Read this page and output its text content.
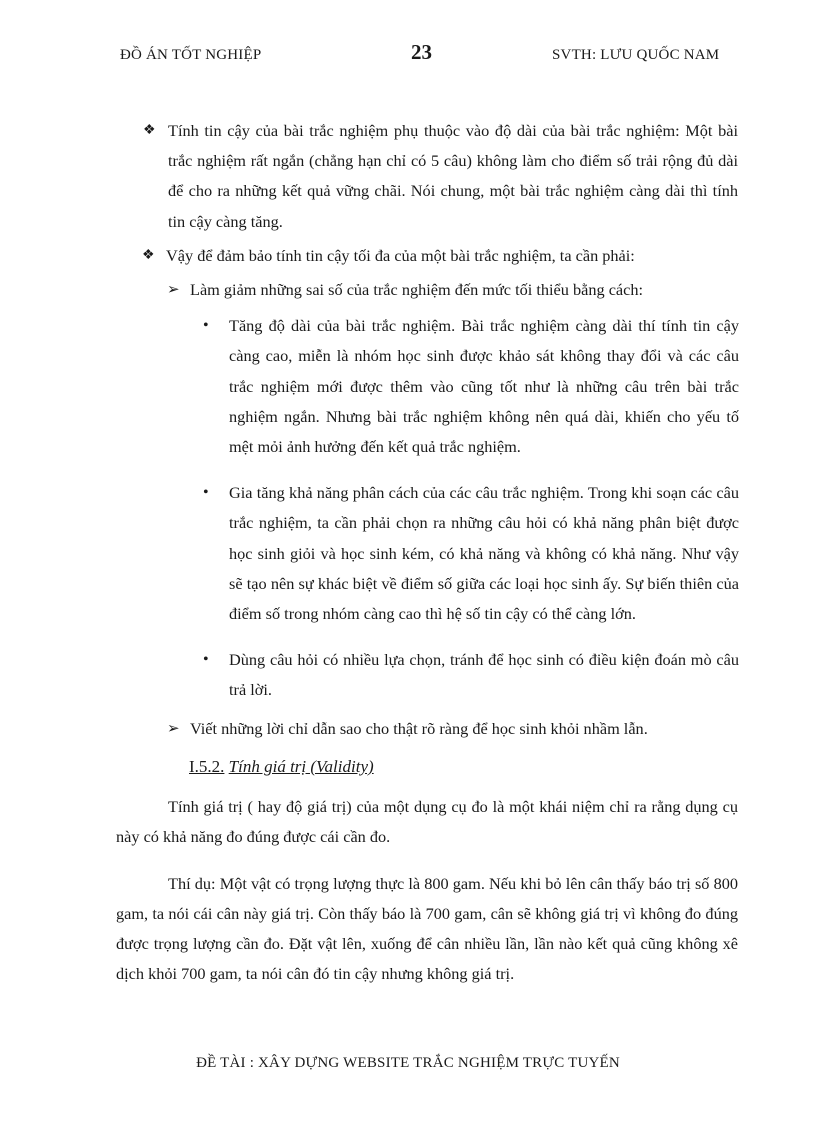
ĐỒ ÁN TỐT NGHIỆP	23	SVTH: LƯU QUỐC NAM
❖ Tính tin cậy của bài trắc nghiệm phụ thuộc vào độ dài của bài trắc nghiệm: Một bài trắc nghiệm rất ngắn (chẳng hạn chỉ có 5 câu) không làm cho điểm số trải rộng đủ dài để cho ra những kết quả vững chãi. Nói chung, một bài trắc nghiệm càng dài thì tính tin cậy càng tăng.
❖ Vậy để đảm bảo tính tin cậy tối đa của một bài trắc nghiệm, ta cần phải:
➢ Làm giảm những sai số của trắc nghiệm đến mức tối thiểu bằng cách:
• Tăng độ dài của bài trắc nghiệm. Bài trắc nghiệm càng dài thí tính tin cậy càng cao, miễn là nhóm học sinh được khảo sát không thay đổi và các câu trắc nghiệm mới được thêm vào cũng tốt như là những câu trên bài trắc nghiệm ngắn. Nhưng bài trắc nghiệm không nên quá dài, khiến cho yếu tố mệt mỏi ảnh hưởng đến kết quả trắc nghiệm.
• Gia tăng khả năng phân cách của các câu trắc nghiệm. Trong khi soạn các câu trắc nghiệm, ta cần phải chọn ra những câu hỏi có khả năng phân biệt được học sinh giỏi và học sinh kém, có khả năng và không có khả năng. Như vậy sẽ tạo nên sự khác biệt về điểm số giữa các loại học sinh ấy. Sự biến thiên của điểm số trong nhóm càng cao thì hệ số tin cậy có thể càng lớn.
• Dùng câu hỏi có nhiều lựa chọn, tránh để học sinh có điều kiện đoán mò câu trả lời.
➢ Viết những lời chỉ dẫn sao cho thật rõ ràng để học sinh khỏi nhầm lẫn.
I.5.2. Tính giá trị (Validity)

Tính giá trị ( hay độ giá trị) của một dụng cụ đo là một khái niệm chỉ ra rằng dụng cụ này có khả năng đo đúng được cái cần đo.

Thí dụ: Một vật có trọng lượng thực là 800 gam. Nếu khi bỏ lên cân thấy báo trị số 800 gam, ta nói cái cân này giá trị. Còn thấy báo là 700 gam, cân sẽ không giá trị vì không đo đúng được trọng lượng cần đo. Đặt vật lên, xuống để cân nhiều lần, lần nào kết quả cũng không xê dịch khỏi 700 gam, ta nói cân đó tin cậy nhưng không giá trị.

ĐỀ TÀI : XÂY DỰNG WEBSITE TRẮC NGHIỆM TRỰC TUYẾN
